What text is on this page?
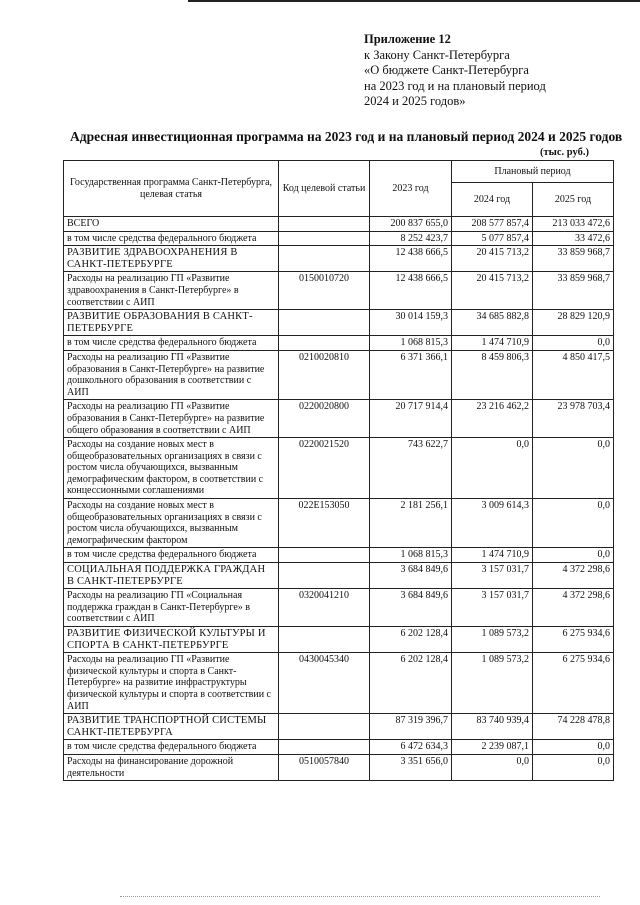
Приложение 12
к Закону Санкт-Петербурга
«О бюджете Санкт-Петербурга
на 2023 год и на плановый период
2024 и 2025 годов»
Адресная инвестиционная программа на 2023 год и на плановый период 2024 и 2025 годов
(тыс. руб.)
Государственная программа Санкт-Петербурга, целевая статья	Код целевой статьи	2023 год	Плановый период	
			2024 год	2025 год
ВСЕГО		200 837 655,0	208 577 857,4	213 033 472,6
в том числе средства федерального бюджета		8 252 423,7	5 077 857,4	33 472,6
РАЗВИТИЕ ЗДРАВООХРАНЕНИЯ В САНКТ-ПЕТЕРБУРГЕ		12 438 666,5	20 415 713,2	33 859 968,7
Расходы на реализацию ГП «Развитие здравоохранения в Санкт-Петербурге» в соответствии с АИП	0150010720	12 438 666,5	20 415 713,2	33 859 968,7
РАЗВИТИЕ ОБРАЗОВАНИЯ В САНКТ-ПЕТЕРБУРГЕ		30 014 159,3	34 685 882,8	28 829 120,9
в том числе средства федерального бюджета		1 068 815,3	1 474 710,9	0,0
Расходы на реализацию ГП «Развитие образования в Санкт-Петербурге» на развитие дошкольного образования в соответствии с АИП	0210020810	6 371 366,1	8 459 806,3	4 850 417,5
Расходы на реализацию ГП «Развитие образования в Санкт-Петербурге» на развитие общего образования в соответствии с АИП	0220020800	20 717 914,4	23 216 462,2	23 978 703,4
Расходы на создание новых мест в общеобразовательных организациях в связи с ростом числа обучающихся, вызванным демографическим фактором, в соответствии с концессионными соглашениями	0220021520	743 622,7	0,0	0,0
Расходы на создание новых мест в общеобразовательных организациях в связи с ростом числа обучающихся, вызванным демографическим фактором	022E153050	2 181 256,1	3 009 614,3	0,0
в том числе средства федерального бюджета		1 068 815,3	1 474 710,9	0,0
СОЦИАЛЬНАЯ ПОДДЕРЖКА ГРАЖДАН В САНКТ-ПЕТЕРБУРГЕ		3 684 849,6	3 157 031,7	4 372 298,6
Расходы на реализацию ГП «Социальная поддержка граждан в Санкт-Петербурге» в соответствии с АИП	0320041210	3 684 849,6	3 157 031,7	4 372 298,6
РАЗВИТИЕ ФИЗИЧЕСКОЙ КУЛЬТУРЫ И СПОРТА В САНКТ-ПЕТЕРБУРГЕ		6 202 128,4	1 089 573,2	6 275 934,6
Расходы на реализацию ГП «Развитие физической культуры и спорта в Санкт-Петербурге» на развитие инфраструктуры физической культуры и спорта в соответствии с АИП	0430045340	6 202 128,4	1 089 573,2	6 275 934,6
РАЗВИТИЕ ТРАНСПОРТНОЙ СИСТЕМЫ САНКТ-ПЕТЕРБУРГА		87 319 396,7	83 740 939,4	74 228 478,8
в том числе средства федерального бюджета		6 472 634,3	2 239 087,1	0,0
Расходы на финансирование дорожной деятельности	0510057840	3 351 656,0	0,0	0,0
